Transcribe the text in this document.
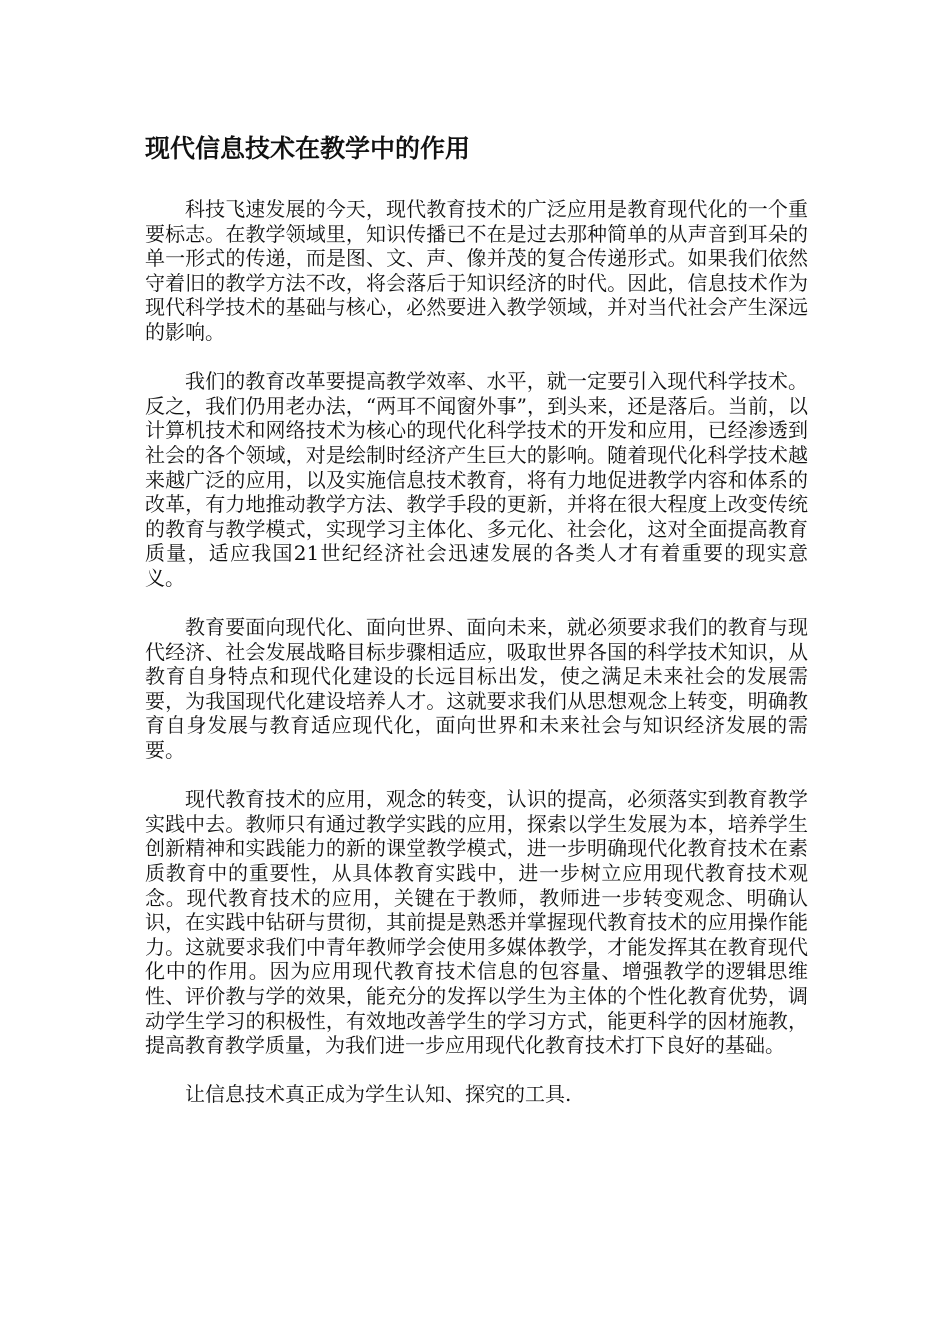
现代信息技术在教学中的作用

科技飞速发展的今天，现代教育技术的广泛应用是教育现代化的一个重要标志。在教学领域里，知识传播已不在是过去那种简单的从声音到耳朵的单一形式的传递，而是图、文、声、像并茂的复合传递形式。如果我们依然守着旧的教学方法不改，将会落后于知识经济的时代。因此，信息技术作为现代科学技术的基础与核心，必然要进入教学领域，并对当代社会产生深远的影响。

我们的教育改革要提高教学效率、水平，就一定要引入现代科学技术。反之，我们仍用老办法，“两耳不闻窗外事”，到头来，还是落后。当前，以计算机技术和网络技术为核心的现代化科学技术的开发和应用，已经渗透到社会的各个领域，对是绘制时经济产生巨大的影响。随着现代化科学技术越来越广泛的应用，以及实施信息技术教育，将有力地促进教学内容和体系的改革，有力地推动教学方法、教学手段的更新，并将在很大程度上改变传统的教育与教学模式，实现学习主体化、多元化、社会化，这对全面提高教育质量，适应我国21世纪经济社会迅速发展的各类人才有着重要的现实意义。

教育要面向现代化、面向世界、面向未来，就必须要求我们的教育与现代经济、社会发展战略目标步骤相适应，吸取世界各国的科学技术知识，从教育自身特点和现代化建设的长远目标出发，使之满足未来社会的发展需要，为我国现代化建设培养人才。这就要求我们从思想观念上转变，明确教育自身发展与教育适应现代化，面向世界和未来社会与知识经济发展的需要。

现代教育技术的应用，观念的转变，认识的提高，必须落实到教育教学实践中去。教师只有通过教学实践的应用，探索以学生发展为本，培养学生创新精神和实践能力的新的课堂教学模式，进一步明确现代化教育技术在素质教育中的重要性，从具体教育实践中，进一步树立应用现代教育技术观念。现代教育技术的应用，关键在于教师，教师进一步转变观念、明确认识，在实践中钻研与贯彻，其前提是熟悉并掌握现代教育技术的应用操作能力。这就要求我们中青年教师学会使用多媒体教学，才能发挥其在教育现代化中的作用。因为应用现代教育技术信息的包容量、增强教学的逻辑思维性、评价教与学的效果，能充分的发挥以学生为主体的个性化教育优势，调动学生学习的积极性，有效地改善学生的学习方式，能更科学的因材施教，提高教育教学质量，为我们进一步应用现代化教育技术打下良好的基础。

让信息技术真正成为学生认知、探究的工具.
